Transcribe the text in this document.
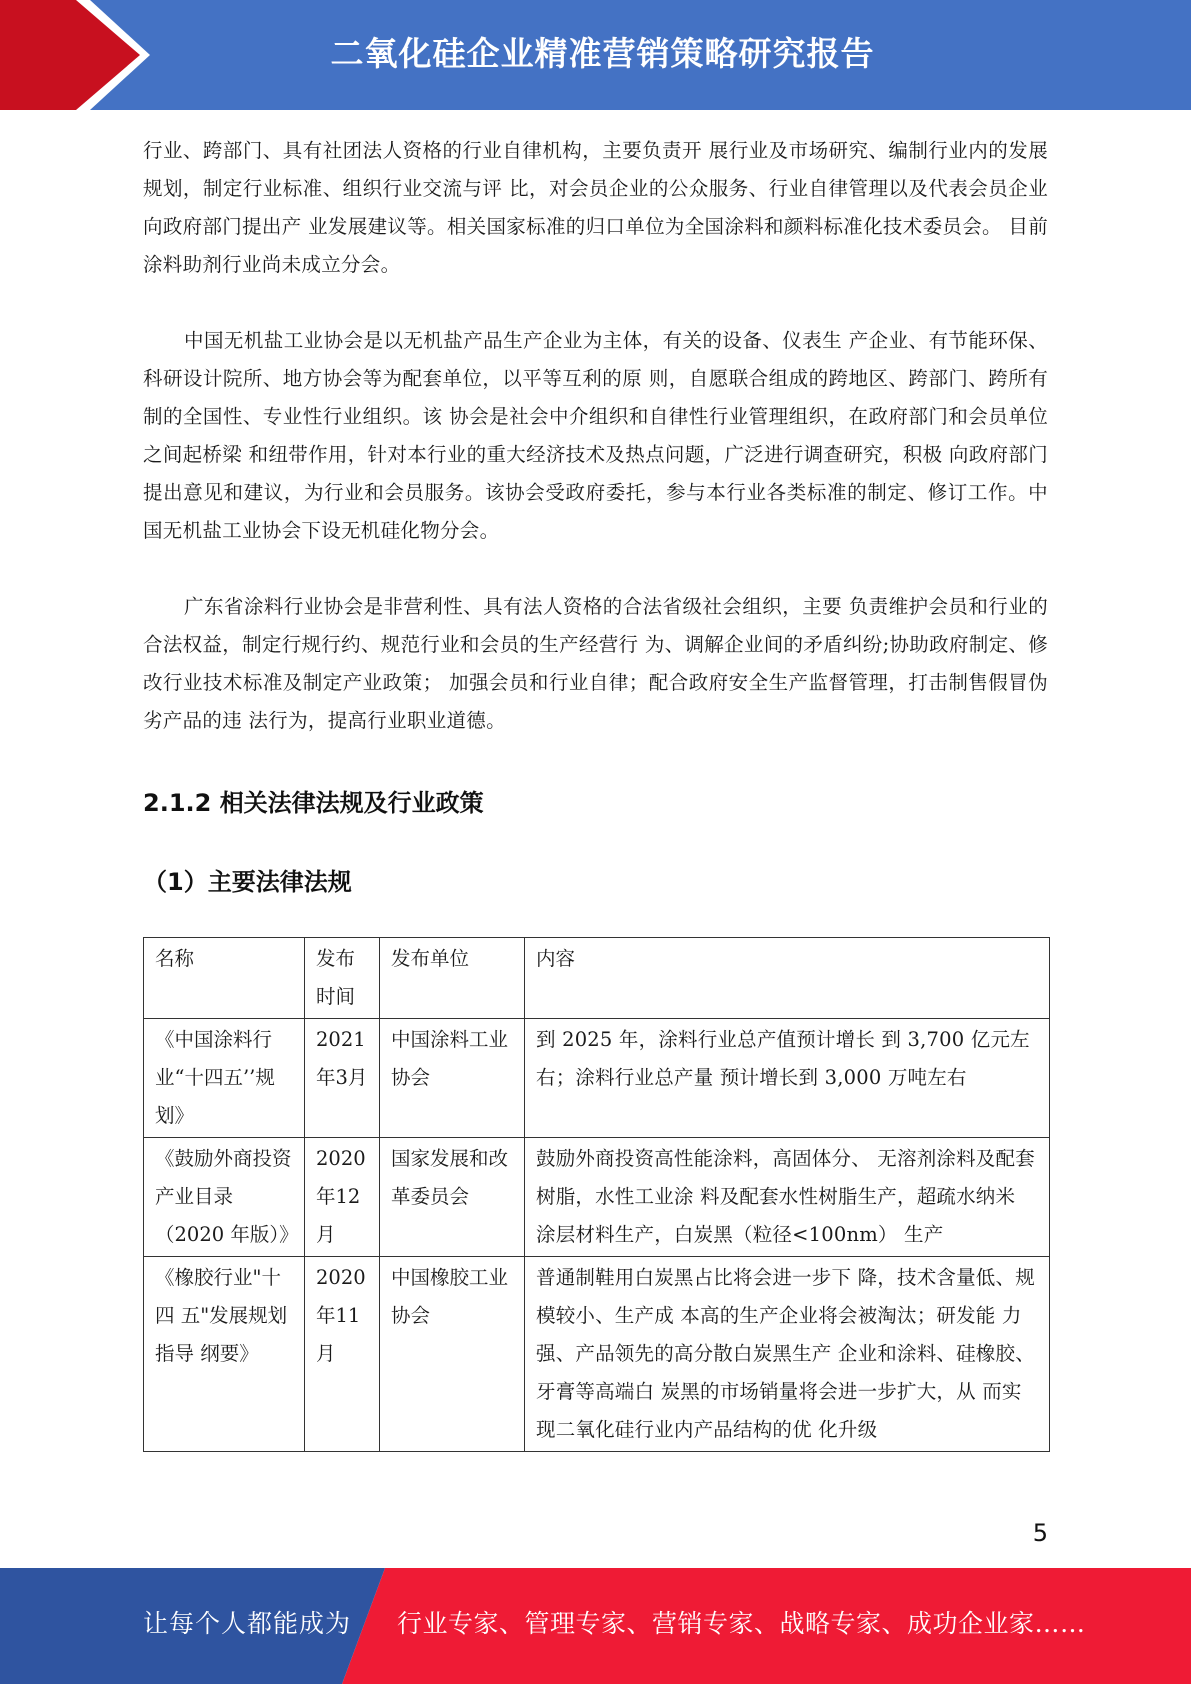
二氧化硅企业精准营销策略研究报告

行业、跨部门、具有社团法人资格的行业自律机构，主要负责开 展行业及市场研究、编制行业内的发展规划，制定行业标准、组织行业交流与评 比，对会员企业的公众服务、行业自律管理以及代表会员企业向政府部门提出产 业发展建议等。相关国家标准的归口单位为全国涂料和颜料标准化技术委员会。 目前涂料助剂行业尚未成立分会。

中国无机盐工业协会是以无机盐产品生产企业为主体，有关的设备、仪表生 产企业、有节能环保、科研设计院所、地方协会等为配套单位，以平等互利的原 则，自愿联合组成的跨地区、跨部门、跨所有制的全国性、专业性行业组织。该 协会是社会中介组织和自律性行业管理组织，在政府部门和会员单位之间起桥梁 和纽带作用，针对本行业的重大经济技术及热点问题，广泛进行调查研究，积极 向政府部门提出意见和建议，为行业和会员服务。该协会受政府委托，参与本行业各类标准的制定、修订工作。中国无机盐工业协会下设无机硅化物分会。

广东省涂料行业协会是非营利性、具有法人资格的合法省级社会组织，主要 负责维护会员和行业的合法权益，制定行规行约、规范行业和会员的生产经营行 为、调解企业间的矛盾纠纷;协助政府制定、修改行业技术标准及制定产业政策； 加强会员和行业自律；配合政府安全生产监督管理，打击制售假冒伪劣产品的违 法行为，提高行业职业道德。

2.1.2 相关法律法规及行业政策
（1）主要法律法规
名称	发布时间	发布单位	内容
《中国涂料行业“十四五’’规划》	2021年3月	中国涂料工业 协会	到 2025 年，涂料行业总产值预计增长 到 3,700 亿元左右；涂料行业总产量 预计增长到 3,000 万吨左右
《鼓励外商投资 产业目录（2020 年版）》	2020年12月	国家发展和改 革委员会	鼓励外商投资高性能涂料，高固体分、 无溶剂涂料及配套树脂，水性工业涂 料及配套水性树脂生产，超疏水纳米 涂层材料生产，白炭黑（粒径<100nm） 生产
《橡胶行业"十四 五"发展规划指导 纲要》	2020年11月	中国橡胶工业 协会	普通制鞋用白炭黑占比将会进一步下 降，技术含量低、规模较小、生产成 本高的生产企业将会被淘汰；研发能 力强、产品领先的高分散白炭黑生产 企业和涂料、硅橡胶、牙膏等高端白 炭黑的市场销量将会进一步扩大，从 而实现二氧化硅行业内产品结构的优 化升级
5
让每个人都能成为 行业专家、管理专家、营销专家、战略专家、成功企业家……
